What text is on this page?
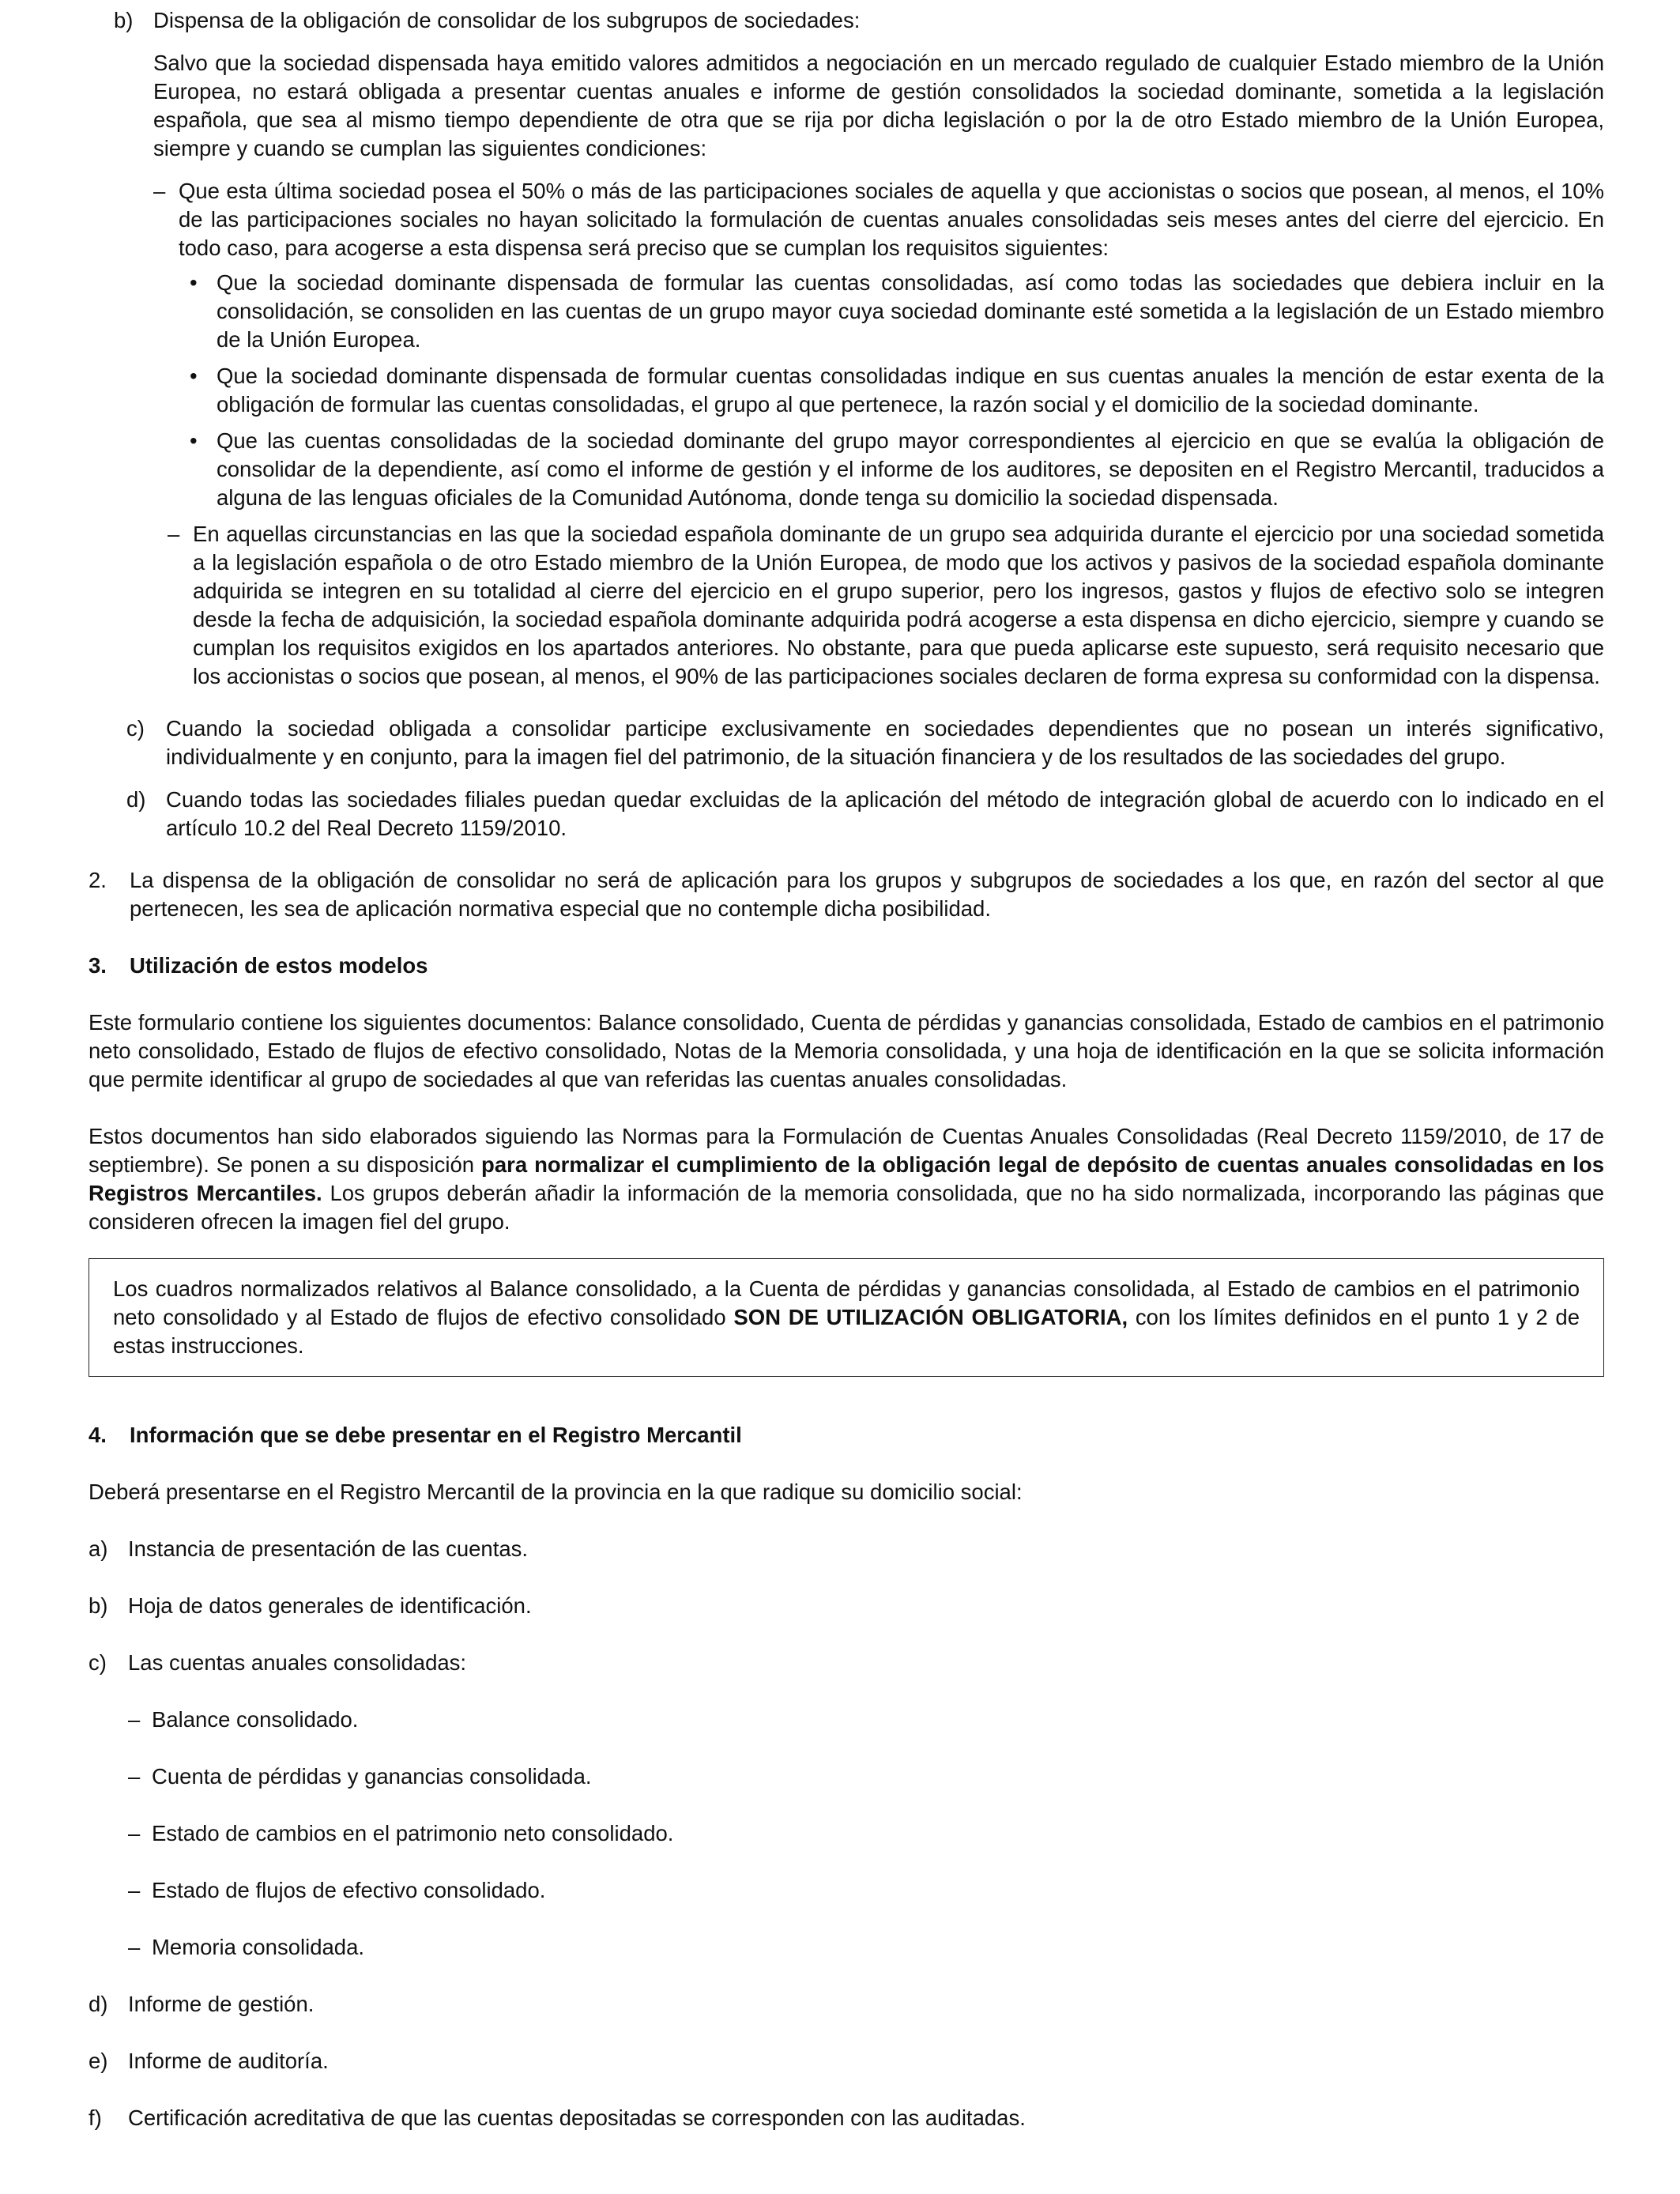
b) Dispensa de la obligación de consolidar de los subgrupos de sociedades:

Salvo que la sociedad dispensada haya emitido valores admitidos a negociación en un mercado regulado de cualquier Estado miembro de la Unión Europea, no estará obligada a presentar cuentas anuales e informe de gestión consolidados la sociedad dominante, sometida a la legislación española, que sea al mismo tiempo dependiente de otra que se rija por dicha legislación o por la de otro Estado miembro de la Unión Europea, siempre y cuando se cumplan las siguientes condiciones:

– Que esta última sociedad posea el 50% o más de las participaciones sociales de aquella y que accionistas o socios que posean, al menos, el 10% de las participaciones sociales no hayan solicitado la formulación de cuentas anuales consolidadas seis meses antes del cierre del ejercicio. En todo caso, para acogerse a esta dispensa será preciso que se cumplan los requisitos siguientes:
• Que la sociedad dominante dispensada de formular las cuentas consolidadas, así como todas las sociedades que debiera incluir en la consolidación, se consoliden en las cuentas de un grupo mayor cuya sociedad dominante esté sometida a la legislación de un Estado miembro de la Unión Europea.
• Que la sociedad dominante dispensada de formular cuentas consolidadas indique en sus cuentas anuales la mención de estar exenta de la obligación de formular las cuentas consolidadas, el grupo al que pertenece, la razón social y el domicilio de la sociedad dominante.
• Que las cuentas consolidadas de la sociedad dominante del grupo mayor correspondientes al ejercicio en que se evalúa la obligación de consolidar de la dependiente, así como el informe de gestión y el informe de los auditores, se depositen en el Registro Mercantil, traducidos a alguna de las lenguas oficiales de la Comunidad Autónoma, donde tenga su domicilio la sociedad dispensada.
– En aquellas circunstancias en las que la sociedad española dominante de un grupo sea adquirida durante el ejercicio por una sociedad sometida a la legislación española o de otro Estado miembro de la Unión Europea, de modo que los activos y pasivos de la sociedad española dominante adquirida se integren en su totalidad al cierre del ejercicio en el grupo superior, pero los ingresos, gastos y flujos de efectivo solo se integren desde la fecha de adquisición, la sociedad española dominante adquirida podrá acogerse a esta dispensa en dicho ejercicio, siempre y cuando se cumplan los requisitos exigidos en los apartados anteriores. No obstante, para que pueda aplicarse este supuesto, será requisito necesario que los accionistas o socios que posean, al menos, el 90% de las participaciones sociales declaren de forma expresa su conformidad con la dispensa.
c) Cuando la sociedad obligada a consolidar participe exclusivamente en sociedades dependientes que no posean un interés significativo, individualmente y en conjunto, para la imagen fiel del patrimonio, de la situación financiera y de los resultados de las sociedades del grupo.
d) Cuando todas las sociedades filiales puedan quedar excluidas de la aplicación del método de integración global de acuerdo con lo indicado en el artículo 10.2 del Real Decreto 1159/2010.
2.	La dispensa de la obligación de consolidar no será de aplicación para los grupos y subgrupos de sociedades a los que, en razón del sector al que pertenecen, les sea de aplicación normativa especial que no contemple dicha posibilidad.
3.	Utilización de estos modelos

Este formulario contiene los siguientes documentos: Balance consolidado, Cuenta de pérdidas y ganancias consolidada, Estado de cambios en el patrimonio neto consolidado, Estado de flujos de efectivo consolidado, Notas de la Memoria consolidada, y una hoja de identificación en la que se solicita información que permite identificar al grupo de sociedades al que van referidas las cuentas anuales consolidadas.

Estos documentos han sido elaborados siguiendo las Normas para la Formulación de Cuentas Anuales Consolidadas (Real Decreto 1159/2010, de 17 de septiembre). Se ponen a su disposición para normalizar el cumplimiento de la obligación legal de depósito de cuentas anuales consolidadas en los Registros Mercantiles. Los grupos deberán añadir la información de la memoria consolidada, que no ha sido normalizada, incorporando las páginas que consideren ofrecen la imagen fiel del grupo.

Los cuadros normalizados relativos al Balance consolidado, a la Cuenta de pérdidas y ganancias consolidada, al Estado de cambios en el patrimonio neto consolidado y al Estado de flujos de efectivo consolidado SON DE UTILIZACIÓN OBLIGATORIA, con los límites definidos en el punto 1 y 2 de estas instrucciones.

4.	Información que se debe presentar en el Registro Mercantil

Deberá presentarse en el Registro Mercantil de la provincia en la que radique su domicilio social:

a) Instancia de presentación de las cuentas.
b) Hoja de datos generales de identificación.
c) Las cuentas anuales consolidadas:
– Balance consolidado.
– Cuenta de pérdidas y ganancias consolidada.
– Estado de cambios en el patrimonio neto consolidado.
– Estado de flujos de efectivo consolidado.
– Memoria consolidada.
d) Informe de gestión.
e) Informe de auditoría.
f)	Certificación acreditativa de que las cuentas depositadas se corresponden con las auditadas.
